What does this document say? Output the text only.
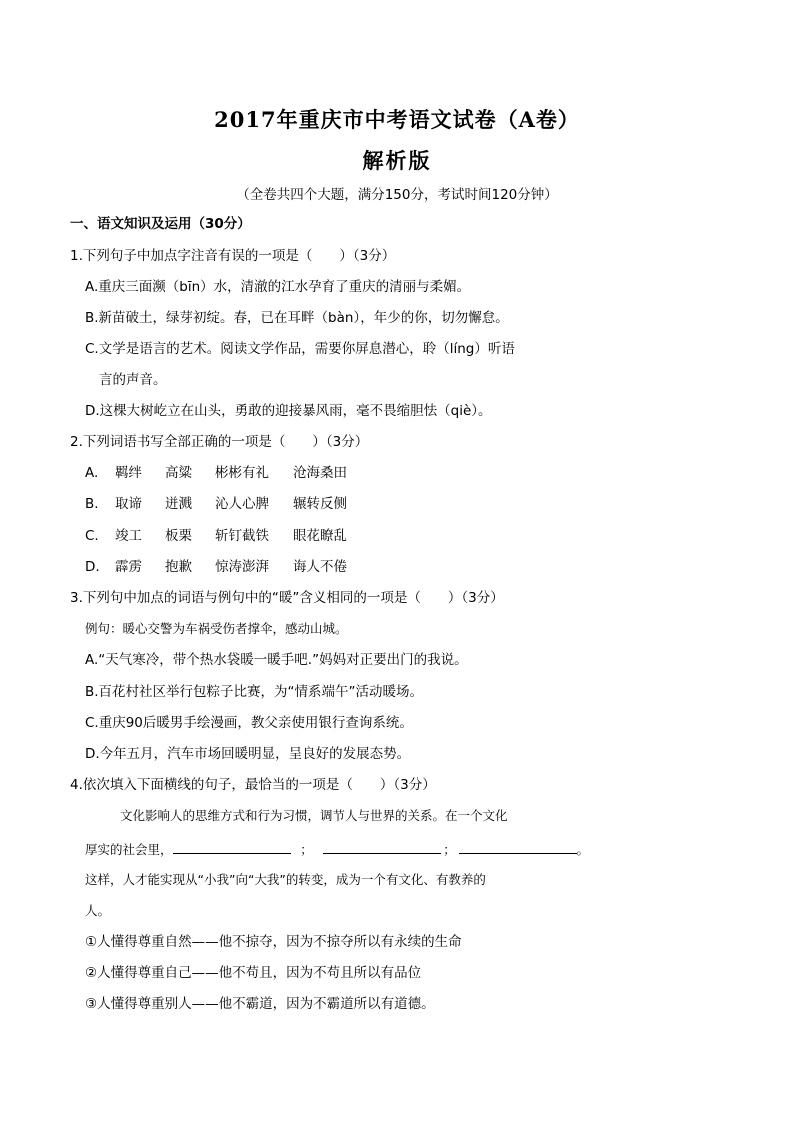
2017年重庆市中考语文试卷（A卷）
解析版
（全卷共四个大题，满分150分，考试时间120分钟）
一、语文知识及运用（30分）
1.下列句子中加点字注音有误的一项是（　　）（3分）
A.重庆三面濒（bīn）水，清澈的江水孕育了重庆的清丽与柔媚。
B.新苗破土，绿芽初绽。春，已在耳畔（bàn），年少的你，切勿懈怠。
C.文学是语言的艺术。阅读文学作品，需要你屏息潜心，聆（líng）听语
言的声音。
D.这棵大树屹立在山头，勇敢的迎接暴风雨，毫不畏缩胆怯（qiè）。
2.下列词语书写全部正确的一项是（　　）（3分）
A. 羁绊 高粱 彬彬有礼 沧海桑田
B. 取谛 迸溅 沁人心脾 辗转反侧
C. 竣工 板栗 斩钉截铁 眼花瞭乱
D. 霹雳 抱歉 惊涛澎湃 诲人不倦
3.下列句中加点的词语与例句中的“暖”含义相同的一项是（　　）（3分）
例句：暖心交警为车祸受伤者撑伞，感动山城。
A.“天气寒冷，带个热水袋暖一暖手吧.”妈妈对正要出门的我说。
B.百花村社区举行包粽子比赛，为“情系端午”活动暖场。
C.重庆90后暖男手绘漫画，教父亲使用银行查询系统。
D.今年五月，汽车市场回暖明显，呈良好的发展态势。
4.依次填入下面横线的句子，最恰当的一项是（　　）（3分）
文化影响人的思维方式和行为习惯，调节人与世界的关系。在一个文化
厚实的社会里，	；	；	。
这样，人才能实现从“小我”向“大我”的转变，成为一个有文化、有教养的
人。
①人懂得尊重自然——他不掠夺，因为不掠夺所以有永续的生命
②人懂得尊重自己——他不苟且，因为不苟且所以有品位
③人懂得尊重别人——他不霸道，因为不霸道所以有道德。
